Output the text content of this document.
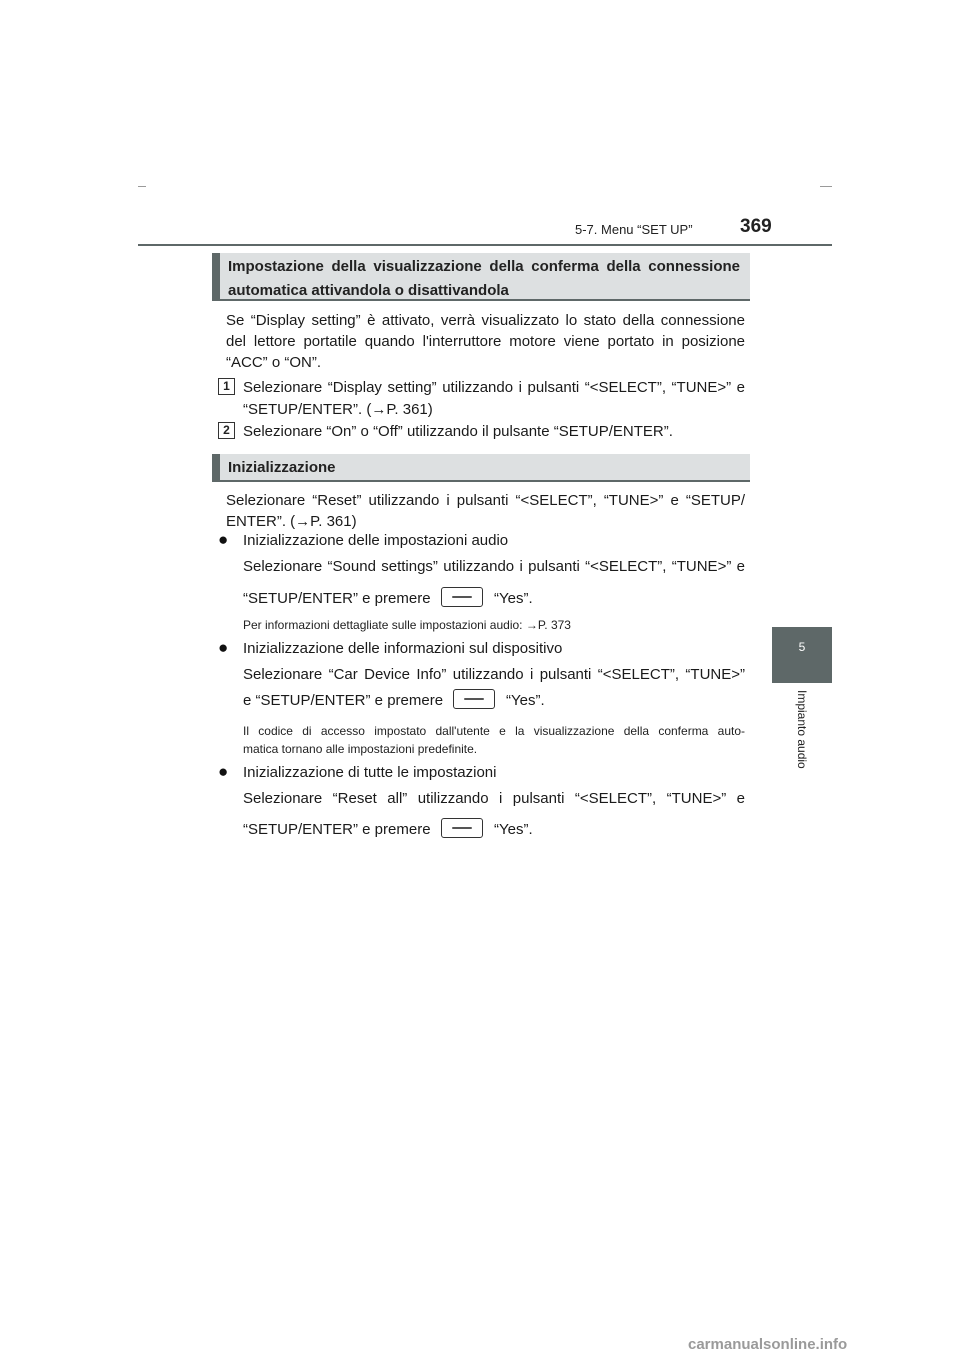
5-7. Menu “SET UP” 369
5
Impianto audio
Impostazione della visualizzazione della conferma della connessione
automatica attivandola o disattivandola
Se “Display setting” è attivato, verrà visualizzato lo stato della connessione
del lettore portatile quando l'interruttore motore viene portato in posizione
“ACC” o “ON”.
1 Selezionare “Display setting” utilizzando i pulsanti “<SELECT”, “TUNE>” e
“SETUP/ENTER”. (→P. 361)
2 Selezionare “On” o “Off” utilizzando il pulsante “SETUP/ENTER”.
Inizializzazione
Selezionare “Reset” utilizzando i pulsanti “<SELECT”, “TUNE>” e “SETUP/
ENTER”. (→P. 361)
● Inizializzazione delle impostazioni audio
Selezionare “Sound settings” utilizzando i pulsanti “<SELECT”, “TUNE>” e
“SETUP/ENTER” e premere	“Yes”.
Per informazioni dettagliate sulle impostazioni audio: →P. 373
● Inizializzazione delle informazioni sul dispositivo
Selezionare “Car Device Info” utilizzando i pulsanti “<SELECT”, “TUNE>”
e “SETUP/ENTER” e premere	“Yes”.
Il codice di accesso impostato dall'utente e la visualizzazione della conferma auto-
matica tornano alle impostazioni predefinite.
● Inizializzazione di tutte le impostazioni
Selezionare “Reset all” utilizzando i pulsanti “<SELECT”, “TUNE>” e
“SETUP/ENTER” e premere	“Yes”.
carmanualsonline.info
